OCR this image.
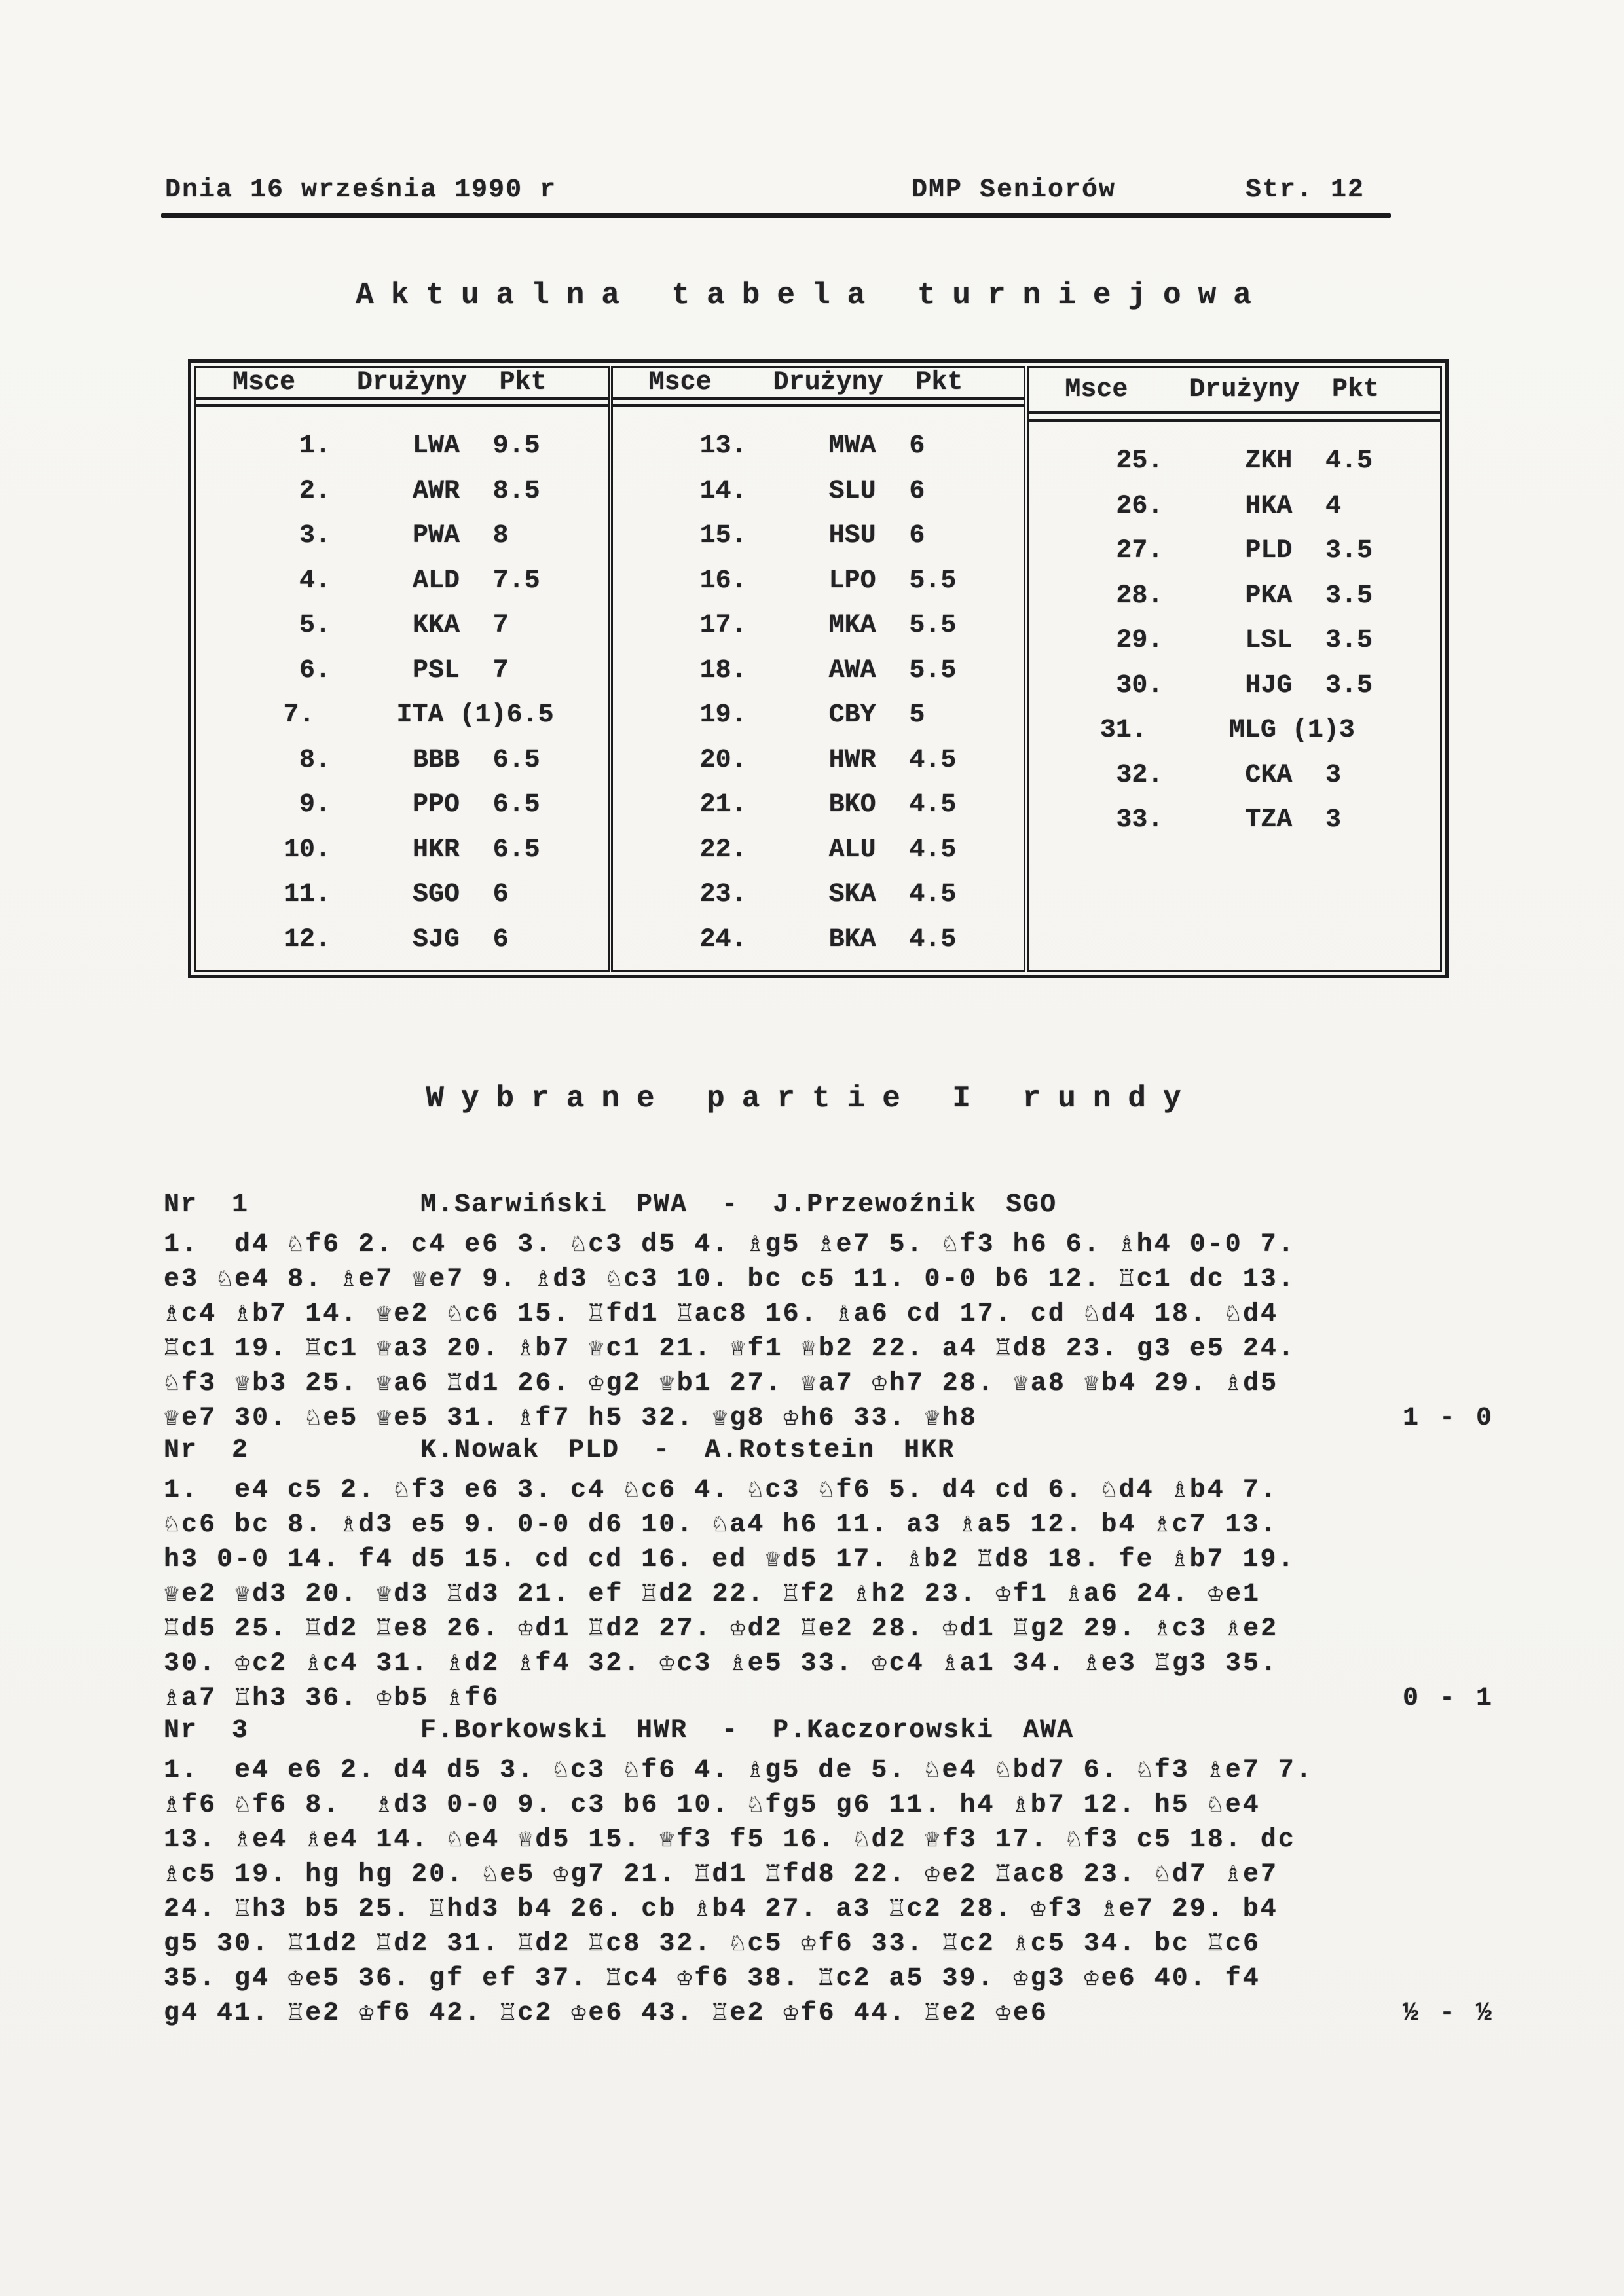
Dnia 16 września 1990 r	DMP Seniorów	Str. 12
Aktualna tabela turniejowa
Msce	Drużyny	Pkt
1.	LWA	9.5
2.	AWR	8.5
3.	PWA	8
4.	ALD	7.5
5.	KKA	7
6.	PSL	7
7.	ITA (1) 6.5
8.	BBB	6.5
9.	PPO	6.5
10.	HKR	6.5
11.	SGO	6
12.	SJG	6
Msce	Drużyny	Pkt
13.	MWA	6
14.	SLU	6
15.	HSU	6
16.	LPO	5.5
17.	MKA	5.5
18.	AWA	5.5
19.	CBY	5
20.	HWR	4.5
21.	BKO	4.5
22.	ALU	4.5
23.	SKA	4.5
24.	BKA	4.5
Msce	Drużyny	Pkt
25.	ZKH	4.5
26.	HKA	4
27.	PLD	3.5
28.	PKA	3.5
29.	LSL	3.5
30.	HJG	3.5
31.	MLG (1) 3
32.	CKA	3
33.	TZA	3
Wybrane partie I rundy
Nr  1	M.Sarwiński PWA - J.Przewoźnik SGO
1.  d4 ♘f6 2. c4 e6 3. ♘c3 d5 4. ♗g5 ♗e7 5. ♘f3 h6 6. ♗h4 0-0 7.
e3 ♘e4 8. ♗e7 ♕e7 9. ♗d3 ♘c3 10. bc c5 11. 0-0 b6 12. ♖c1 dc 13.
♗c4 ♗b7 14. ♕e2 ♘c6 15. ♖fd1 ♖ac8 16. ♗a6 cd 17. cd ♘d4 18. ♘d4
♖c1 19. ♖c1 ♕a3 20. ♗b7 ♕c1 21. ♕f1 ♕b2 22. a4 ♖d8 23. g3 e5 24.
♘f3 ♕b3 25. ♕a6 ♖d1 26. ♔g2 ♕b1 27. ♕a7 ♔h7 28. ♕a8 ♕b4 29. ♗d5
♕e7 30. ♘e5 ♕e5 31. ♗f7 h5 32. ♕g8 ♔h6 33. ♕h8	1 - 0
Nr  2	K.Nowak PLD - A.Rotstein HKR
1.  e4 c5 2. ♘f3 e6 3. c4 ♘c6 4. ♘c3 ♘f6 5. d4 cd 6. ♘d4 ♗b4 7.
♘c6 bc 8. ♗d3 e5 9. 0-0 d6 10. ♘a4 h6 11. a3 ♗a5 12. b4 ♗c7 13.
h3 0-0 14. f4 d5 15. cd cd 16. ed ♕d5 17. ♗b2 ♖d8 18. fe ♗b7 19.
♕e2 ♕d3 20. ♕d3 ♖d3 21. ef ♖d2 22. ♖f2 ♗h2 23. ♔f1 ♗a6 24. ♔e1
♖d5 25. ♖d2 ♖e8 26. ♔d1 ♖d2 27. ♔d2 ♖e2 28. ♔d1 ♖g2 29. ♗c3 ♗e2
30. ♔c2 ♗c4 31. ♗d2 ♗f4 32. ♔c3 ♗e5 33. ♔c4 ♗a1 34. ♗e3 ♖g3 35.
♗a7 ♖h3 36. ♔b5 ♗f6	0 - 1
Nr  3	F.Borkowski HWR - P.Kaczorowski AWA
1.  e4 e6 2. d4 d5 3. ♘c3 ♘f6 4. ♗g5 de 5. ♘e4 ♘bd7 6. ♘f3 ♗e7 7.
♗f6 ♘f6 8.  ♗d3 0-0 9. c3 b6 10. ♘fg5 g6 11. h4 ♗b7 12. h5 ♘e4
13. ♗e4 ♗e4 14. ♘e4 ♕d5 15. ♕f3 f5 16. ♘d2 ♕f3 17. ♘f3 c5 18. dc
♗c5 19. hg hg 20. ♘e5 ♔g7 21. ♖d1 ♖fd8 22. ♔e2 ♖ac8 23. ♘d7 ♗e7
24. ♖h3 b5 25. ♖hd3 b4 26. cb ♗b4 27. a3 ♖c2 28. ♔f3 ♗e7 29. b4
g5 30. ♖1d2 ♖d2 31. ♖d2 ♖c8 32. ♘c5 ♔f6 33. ♖c2 ♗c5 34. bc ♖c6
35. g4 ♔e5 36. gf ef 37. ♖c4 ♔f6 38. ♖c2 a5 39. ♔g3 ♔e6 40. f4
g4 41. ♖e2 ♔f6 42. ♖c2 ♔e6 43. ♖e2 ♔f6 44. ♖e2 ♔e6	½ - ½
